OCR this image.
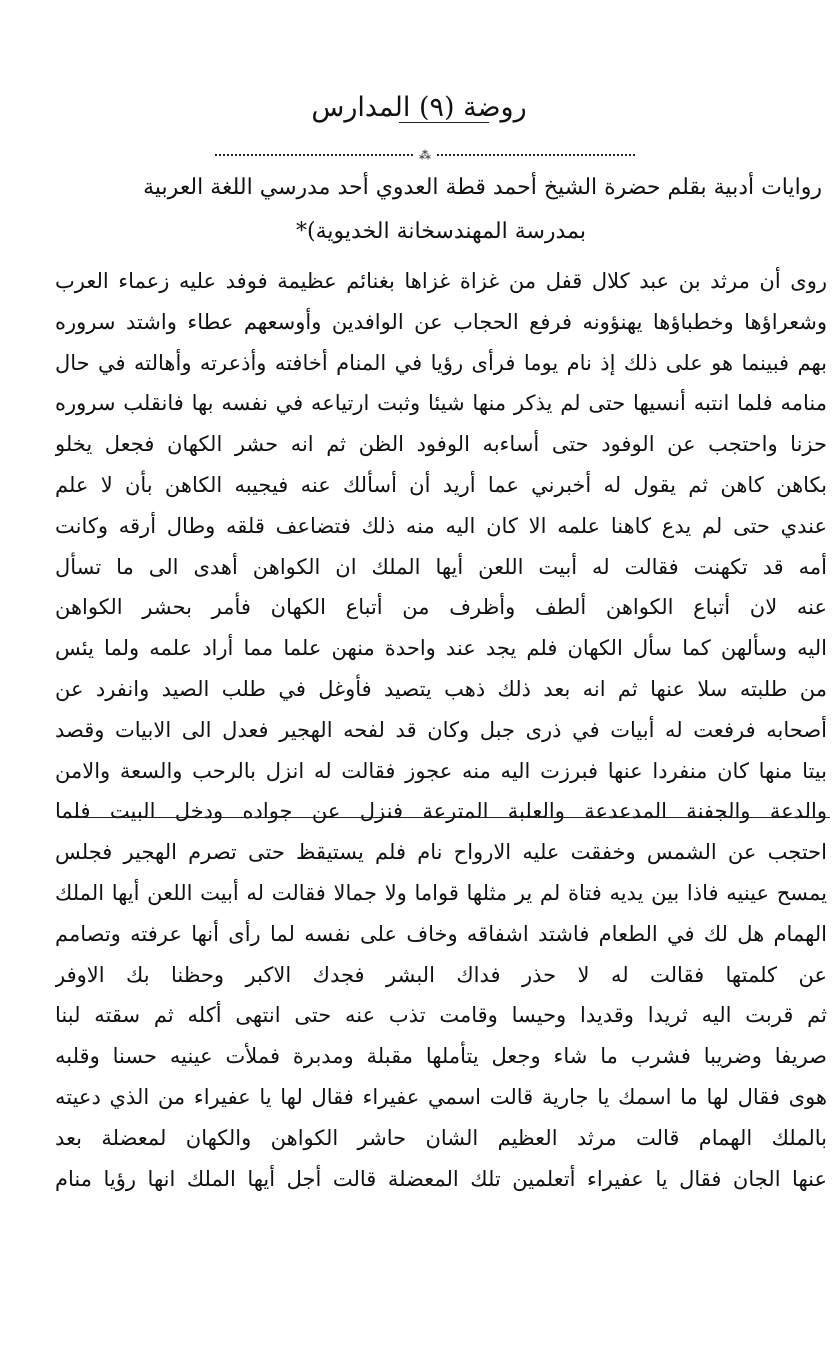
روضة (٩) المدارس
⁂
روايات أدبية بقلم حضرة الشيخ أحمد قطة العدوي أحد مدرسي اللغة العربية
بمدرسة المهندسخانة الخديوية)*
روى أن مرثد بن عبد كلال قفل من غزاة غزاها بغنائم عظيمة فوفد عليه زعماء العرب
وشعراؤها وخطباؤها يهنؤونه فرفع الحجاب عن الوافدين وأوسعهم عطاء واشتد سروره
بهم فبينما هو على ذلك إذ نام يوما فرأى رؤيا في المنام أخافته وأذعرته وأهالته في حال
منامه فلما انتبه أنسيها حتى لم يذكر منها شيئا وثبت ارتياعه في نفسه بها فانقلب سروره
حزنا واحتجب عن الوفود حتى أساءبه الوفود الظن ثم انه حشر الكهان فجعل يخلو
بكاهن كاهن ثم يقول له أخبرني عما أريد أن أسألك عنه فيجيبه الكاهن بأن لا علم
عندي حتى لم يدع كاهنا علمه الا كان اليه منه ذلك فتضاعف قلقه وطال أرقه وكانت
أمه قد تكهنت فقالت له أبيت اللعن أيها الملك ان الكواهن أهدى الى ما تسأل
عنه لان أتباع الكواهن ألطف وأظرف من أتباع الكهان فأمر بحشر الكواهن
اليه وسألهن كما سأل الكهان فلم يجد عند واحدة منهن علما مما أراد علمه ولما يئس
من طلبته سلا عنها ثم انه بعد ذلك ذهب يتصيد فأوغل في طلب الصيد وانفرد عن
أصحابه فرفعت له أبيات في ذرى جبل وكان قد لفحه الهجير فعدل الى الابيات وقصد
بيتا منها كان منفردا عنها فبرزت اليه منه عجوز فقالت له انزل بالرحب والسعة والامن
والدعة والجفنة المدعدعة والعلبة المترعة فنزل عن جواده ودخل البيت فلما
احتجب عن الشمس وخفقت عليه الارواح نام فلم يستيقظ حتى تصرم الهجير فجلس
يمسح عينيه فاذا بين يديه فتاة لم ير مثلها قواما ولا جمالا فقالت له أبيت اللعن أيها الملك
الهمام هل لك في الطعام فاشتد اشفاقه وخاف على نفسه لما رأى أنها عرفته وتصامم
عن كلمتها فقالت له لا حذر فداك البشر فجدك الاكبر وحظنا بك الاوفر
ثم قربت اليه ثريدا وقديدا وحيسا وقامت تذب عنه حتى انتهى أكله ثم سقته لبنا
صريفا وضريبا فشرب ما شاء وجعل يتأملها مقبلة ومدبرة فملأت عينيه حسنا وقلبه
هوى فقال لها ما اسمك يا جارية قالت اسمي عفيراء فقال لها يا عفيراء من الذي دعيته
بالملك الهمام قالت مرثد العظيم الشان حاشر الكواهن والكهان لمعضلة بعد
عنها الجان فقال يا عفيراء أتعلمين تلك المعضلة قالت أجل أيها الملك انها رؤيا منام
